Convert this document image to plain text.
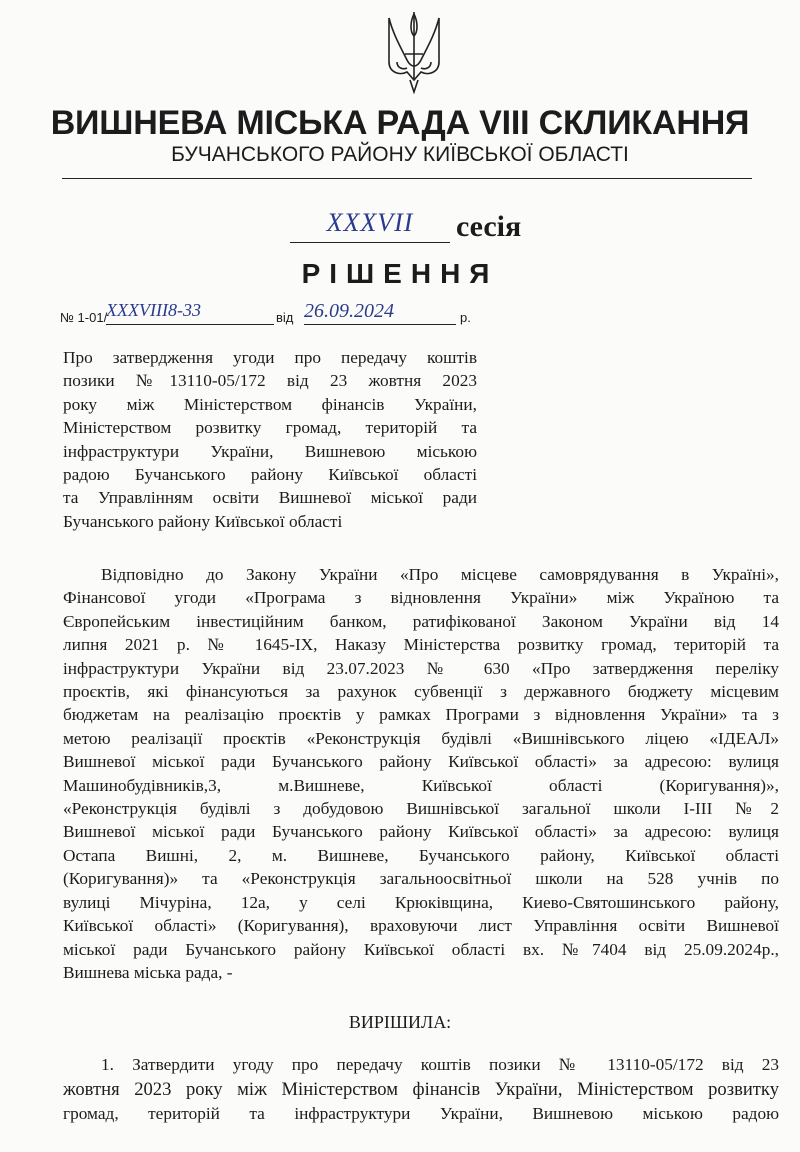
ВИШНЕВА МІСЬКА РАДА VIII СКЛИКАННЯ
БУЧАНСЬКОГО РАЙОНУ КИЇВСЬКОЇ ОБЛАСТІ
XXXVII	сесія
РІШЕННЯ
№ 1-01/
XXXVIII8-33	від 26.09.2024	р.
Про затвердження угоди про передачу коштів
позики №13110-05/172 від 23 жовтня 2023
року між Міністерством фінансів України,
Міністерством розвитку громад, територій та
інфраструктури України, Вишневою міською
радою Бучанського району Київської області
та Управлінням освіти Вишневої міської ради
Бучанського району Київської області
Відповідно до Закону України «Про місцеве самоврядування в Україні»,
Фінансової угоди «Програма з відновлення України» між Україною та
Європейським інвестиційним банком, ратифікованої Законом України від 14
липня 2021 р. № 1645-ІХ, Наказу Міністерства розвитку громад, територій та
інфраструктури України від 23.07.2023 № 630 «Про затвердження переліку
проєктів, які фінансуються за рахунок субвенції з державного бюджету місцевим
бюджетам на реалізацію проєктів у рамках Програми з відновлення України» та з
метою реалізації проєктів «Реконструкція будівлі «Вишнівського ліцею «ІДЕАЛ»
Вишневої міської ради Бучанського району Київської області» за адресою: вулиця
Машинобудівників,3, м.Вишневе, Київської області (Коригування)»,
«Реконструкція будівлі з добудовою Вишнівської загальної школи І-ІІІ №2
Вишневої міської ради Бучанського району Київської області» за адресою: вулиця
Остапа Вишні, 2, м. Вишневе, Бучанського району, Київської області
(Коригування)» та «Реконструкція загальноосвітньої школи на 528 учнів по
вулиці Мічуріна, 12а, у селі Крюківщина, Киево-Святошинського району,
Київської області» (Коригування), враховуючи лист Управління освіти Вишневої
міської ради Бучанського району Київської області вх. №7404 від 25.09.2024р.,
Вишнева міська рада, -
ВИРІШИЛА:
1. Затвердити угоду про передачу коштів позики № 13110-05/172 від 23
жовтня 2023 року між Міністерством фінансів України, Міністерством розвитку
громад, територій та інфраструктури України, Вишневою міською радою
